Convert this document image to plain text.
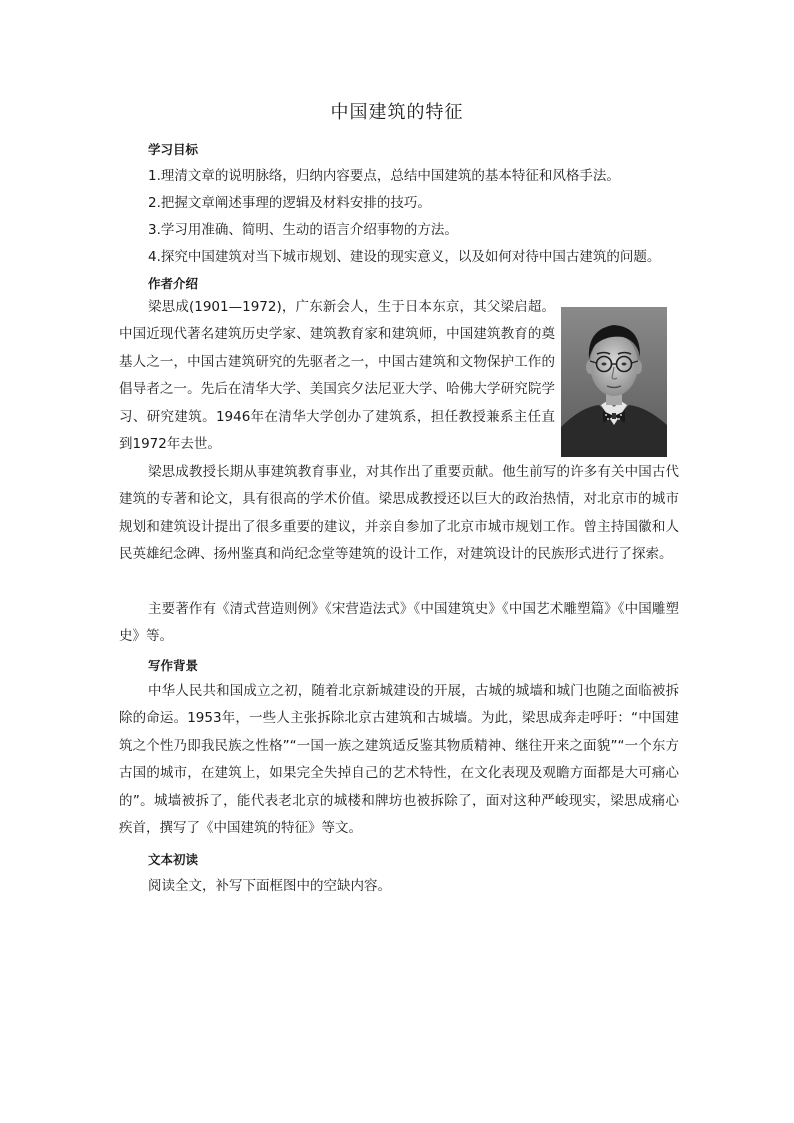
中国建筑的特征
学习目标
1.理清文章的说明脉络，归纳内容要点，总结中国建筑的基本特征和风格手法。
2.把握文章阐述事理的逻辑及材料安排的技巧。
3.学习用准确、简明、生动的语言介绍事物的方法。
4.探究中国建筑对当下城市规划、建设的现实意义，以及如何对待中国古建筑的问题。
作者介绍

梁思成(1901—1972)，广东新会人，生于日本东京，其父梁启超。中国近现代著名建筑历史学家、建筑教育家和建筑师，中国建筑教育的奠基人之一，中国古建筑研究的先驱者之一，中国古建筑和文物保护工作的倡导者之一。先后在清华大学、美国宾夕法尼亚大学、哈佛大学研究院学习、研究建筑。1946年在清华大学创办了建筑系，担任教授兼系主任直到1972年去世。

梁思成教授长期从事建筑教育事业，对其作出了重要贡献。他生前写的许多有关中国古代建筑的专著和论文，具有很高的学术价值。梁思成教授还以巨大的政治热情，对北京市的城市规划和建筑设计提出了很多重要的建议，并亲自参加了北京市城市规划工作。曾主持国徽和人民英雄纪念碑、扬州鉴真和尚纪念堂等建筑的设计工作，对建筑设计的民族形式进行了探索。

主要著作有《清式营造则例》《宋营造法式》《中国建筑史》《中国艺术雕塑篇》《中国雕塑史》等。

写作背景

中华人民共和国成立之初，随着北京新城建设的开展，古城的城墙和城门也随之面临被拆除的命运。1953年，一些人主张拆除北京古建筑和古城墙。为此，梁思成奔走呼吁：“中国建筑之个性乃即我民族之性格”“一国一族之建筑适反鉴其物质精神、继往开来之面貌”“一个东方古国的城市，在建筑上，如果完全失掉自己的艺术特性，在文化表现及观瞻方面都是大可痛心的”。城墙被拆了，能代表老北京的城楼和牌坊也被拆除了，面对这种严峻现实，梁思成痛心疾首，撰写了《中国建筑的特征》等文。

文本初读
阅读全文，补写下面框图中的空缺内容。
